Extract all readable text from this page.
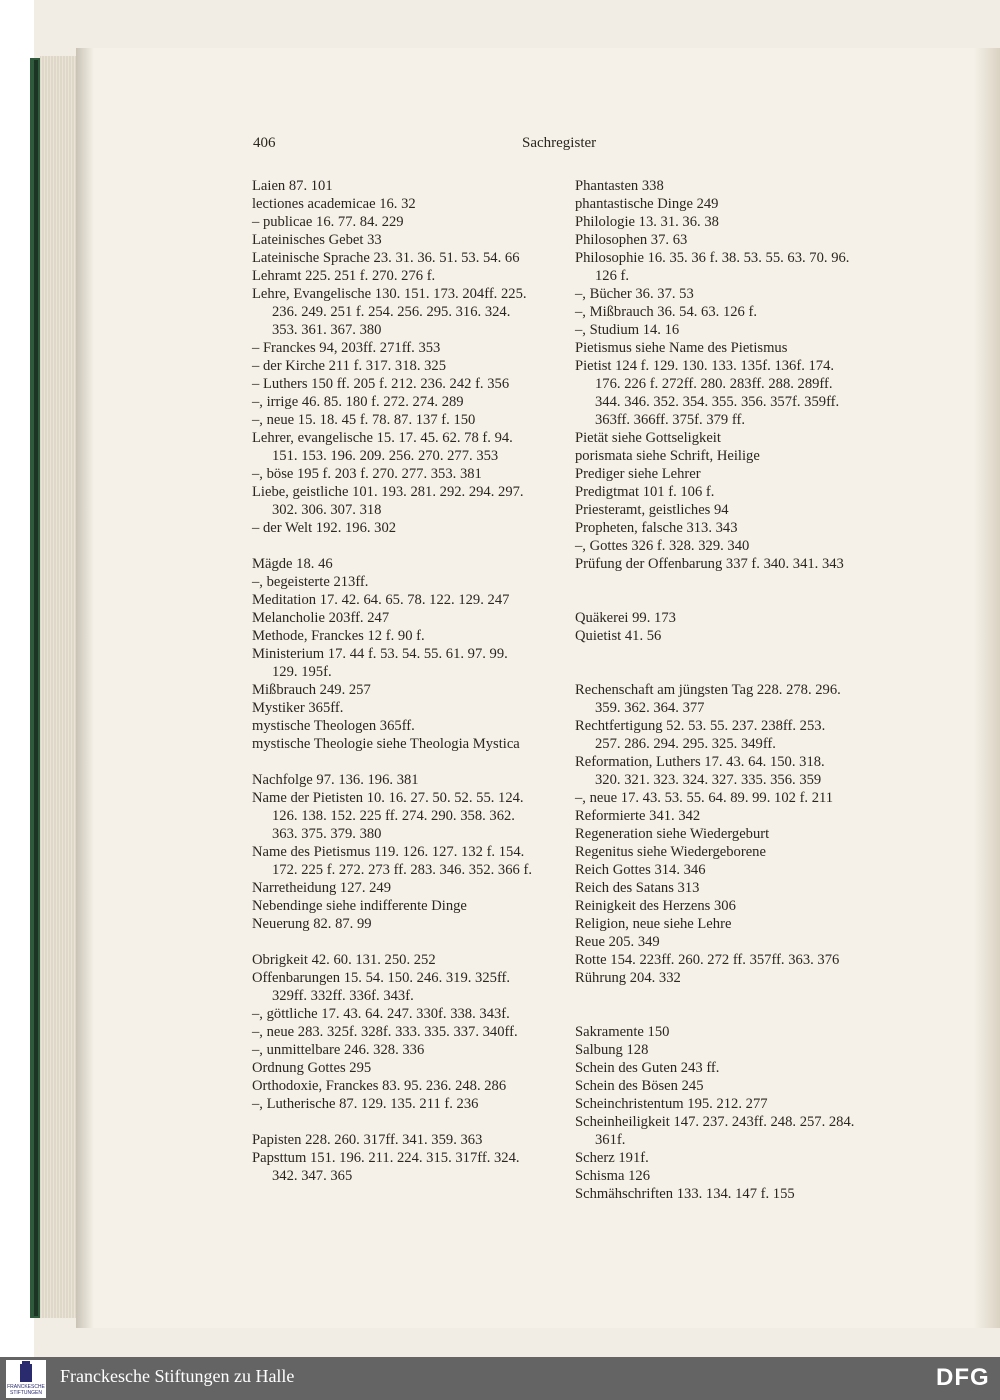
406	Sachregister
Laien 87. 101
lectiones academicae 16. 32
– publicae 16. 77. 84. 229
Lateinisches Gebet 33
Lateinische Sprache 23. 31. 36. 51. 53. 54. 66
Lehramt 225. 251 f. 270. 276 f.
Lehre, Evangelische 130. 151. 173. 204ff. 225.
236. 249. 251 f. 254. 256. 295. 316. 324.
353. 361. 367. 380
– Franckes 94, 203ff. 271ff. 353
– der Kirche 211 f. 317. 318. 325
– Luthers 150 ff. 205 f. 212. 236. 242 f. 356
–, irrige 46. 85. 180 f. 272. 274. 289
–, neue 15. 18. 45 f. 78. 87. 137 f. 150
Lehrer, evangelische 15. 17. 45. 62. 78 f. 94.
151. 153. 196. 209. 256. 270. 277. 353
–, böse 195 f. 203 f. 270. 277. 353. 381
Liebe, geistliche 101. 193. 281. 292. 294. 297.
302. 306. 307. 318
– der Welt 192. 196. 302
Mägde 18. 46
–, begeisterte 213ff.
Meditation 17. 42. 64. 65. 78. 122. 129. 247
Melancholie 203ff. 247
Methode, Franckes 12 f. 90 f.
Ministerium 17. 44 f. 53. 54. 55. 61. 97. 99.
129. 195f.
Mißbrauch 249. 257
Mystiker 365ff.
mystische Theologen 365ff.
mystische Theologie siehe Theologia Mystica
Nachfolge 97. 136. 196. 381
Name der Pietisten 10. 16. 27. 50. 52. 55. 124.
126. 138. 152. 225 ff. 274. 290. 358. 362.
363. 375. 379. 380
Name des Pietismus 119. 126. 127. 132 f. 154.
172. 225 f. 272. 273 ff. 283. 346. 352. 366 f.
Narretheidung 127. 249
Nebendinge siehe indifferente Dinge
Neuerung 82. 87. 99
Obrigkeit 42. 60. 131. 250. 252
Offenbarungen 15. 54. 150. 246. 319. 325ff.
329ff. 332ff. 336f. 343f.
–, göttliche 17. 43. 64. 247. 330f. 338. 343f.
–, neue 283. 325f. 328f. 333. 335. 337. 340ff.
–, unmittelbare 246. 328. 336
Ordnung Gottes 295
Orthodoxie, Franckes 83. 95. 236. 248. 286
–, Lutherische 87. 129. 135. 211 f. 236
Papisten 228. 260. 317ff. 341. 359. 363
Papsttum 151. 196. 211. 224. 315. 317ff. 324.
342. 347. 365
Phantasten 338
phantastische Dinge 249
Philologie 13. 31. 36. 38
Philosophen 37. 63
Philosophie 16. 35. 36 f. 38. 53. 55. 63. 70. 96.
126 f.
–, Bücher 36. 37. 53
–, Mißbrauch 36. 54. 63. 126 f.
–, Studium 14. 16
Pietismus siehe Name des Pietismus
Pietist 124 f. 129. 130. 133. 135f. 136f. 174.
176. 226 f. 272ff. 280. 283ff. 288. 289ff.
344. 346. 352. 354. 355. 356. 357f. 359ff.
363ff. 366ff. 375f. 379 ff.
Pietät siehe Gottseligkeit
porismata siehe Schrift, Heilige
Prediger siehe Lehrer
Predigtmat 101 f. 106 f.
Priesteramt, geistliches 94
Propheten, falsche 313. 343
–, Gottes 326 f. 328. 329. 340
Prüfung der Offenbarung 337 f. 340. 341. 343
Quäkerei 99. 173
Quietist 41. 56
Rechenschaft am jüngsten Tag 228. 278. 296.
359. 362. 364. 377
Rechtfertigung 52. 53. 55. 237. 238ff. 253.
257. 286. 294. 295. 325. 349ff.
Reformation, Luthers 17. 43. 64. 150. 318.
320. 321. 323. 324. 327. 335. 356. 359
–, neue 17. 43. 53. 55. 64. 89. 99. 102 f. 211
Reformierte 341. 342
Regeneration siehe Wiedergeburt
Regenitus siehe Wiedergeborene
Reich Gottes 314. 346
Reich des Satans 313
Reinigkeit des Herzens 306
Religion, neue siehe Lehre
Reue 205. 349
Rotte 154. 223ff. 260. 272 ff. 357ff. 363. 376
Rührung 204. 332
Sakramente 150
Salbung 128
Schein des Guten 243 ff.
Schein des Bösen 245
Scheinchristentum 195. 212. 277
Scheinheiligkeit 147. 237. 243ff. 248. 257. 284.
361f.
Scherz 191f.
Schisma 126
Schmähschriften 133. 134. 147 f. 155
FRANCKESCHE
STIFTUNGEN
Franckesche Stiftungen zu Halle	DFG
